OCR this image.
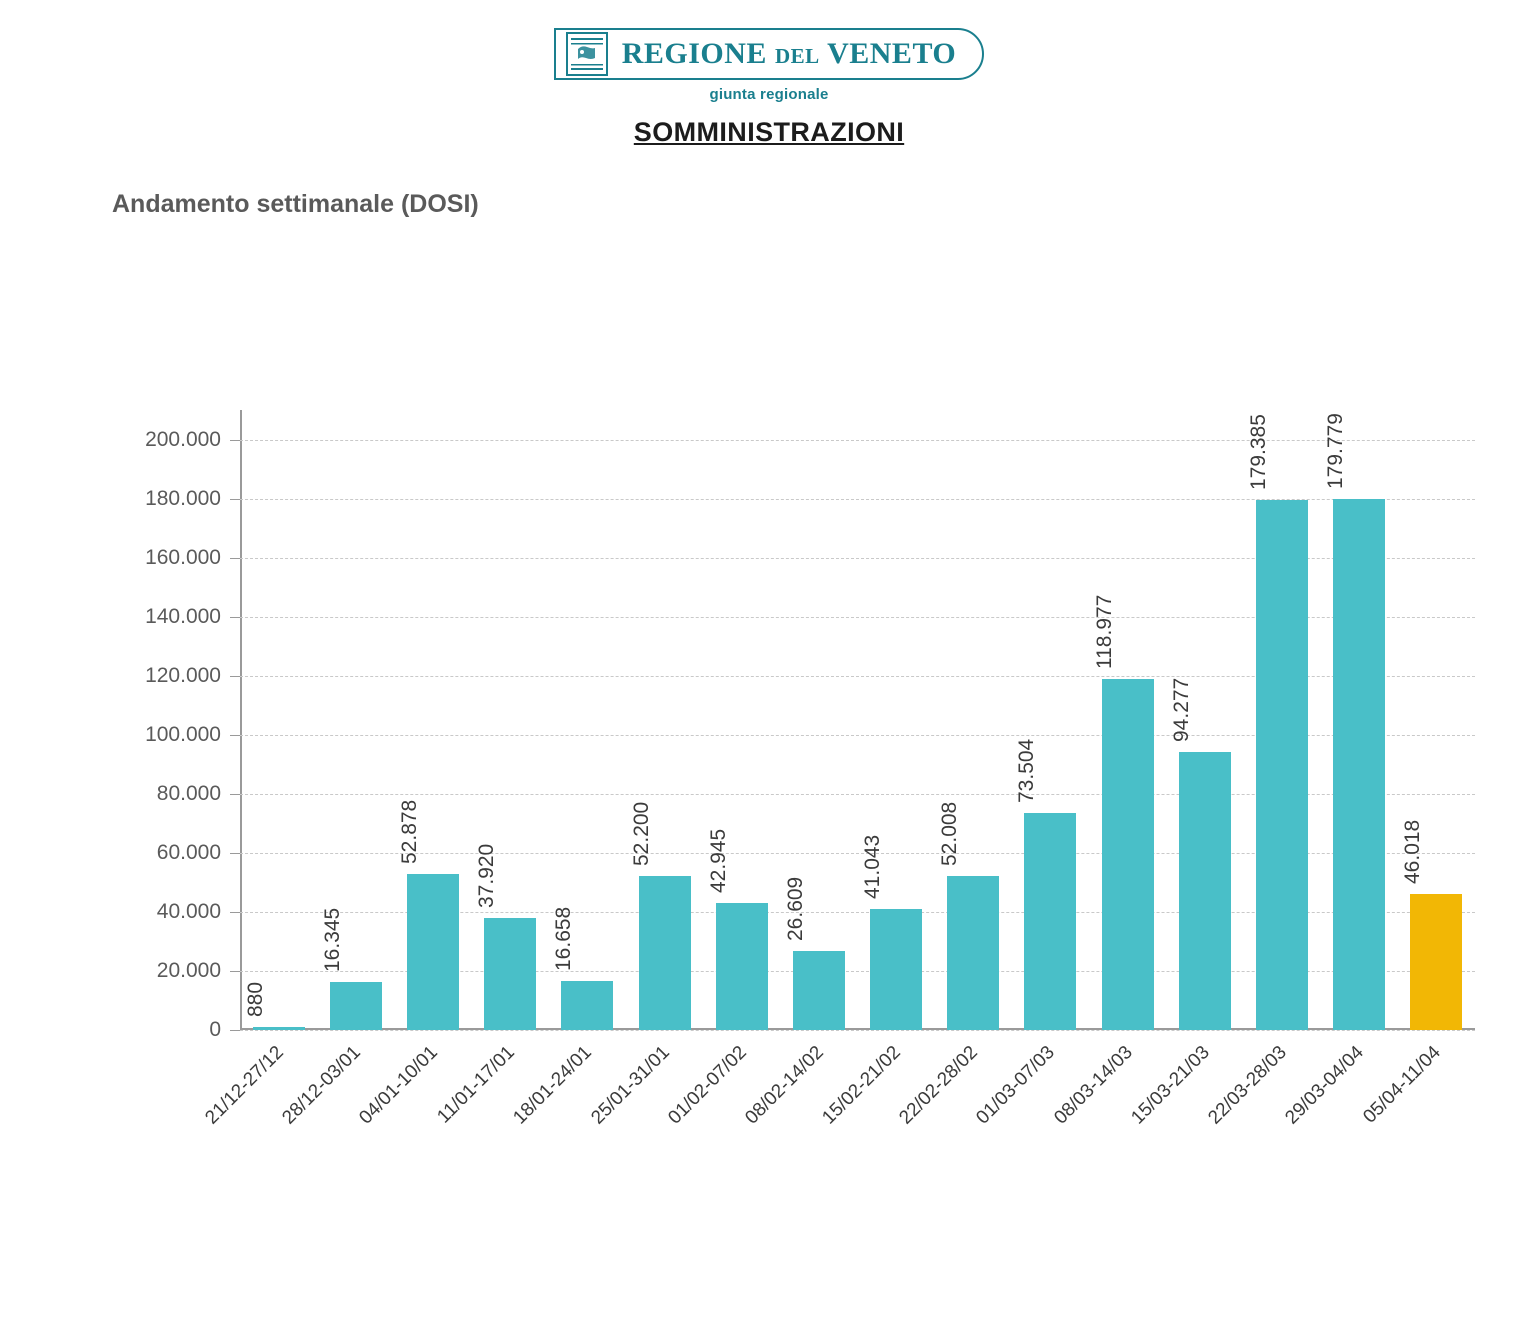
REGIONE DEL VENETO
giunta regionale
SOMMINISTRAZIONI
Andamento settimanale (DOSI)
0
20.000
40.000
60.000
80.000
100.000
120.000
140.000
160.000
180.000
200.000
880
16.345
52.878
37.920
16.658
52.200	42.945
26.609
41.043
52.008
73.504
118.977
94.277
179.385	179.779
46.018
21/12-27/12
28/12-03/01
04/01-10/01
11/01-17/01
18/01-24/01
25/01-31/01
01/02-07/02
08/02-14/02
15/02-21/02
22/02-28/02
01/03-07/03
08/03-14/03
15/03-21/03
22/03-28/03
29/03-04/04
05/04-11/04
